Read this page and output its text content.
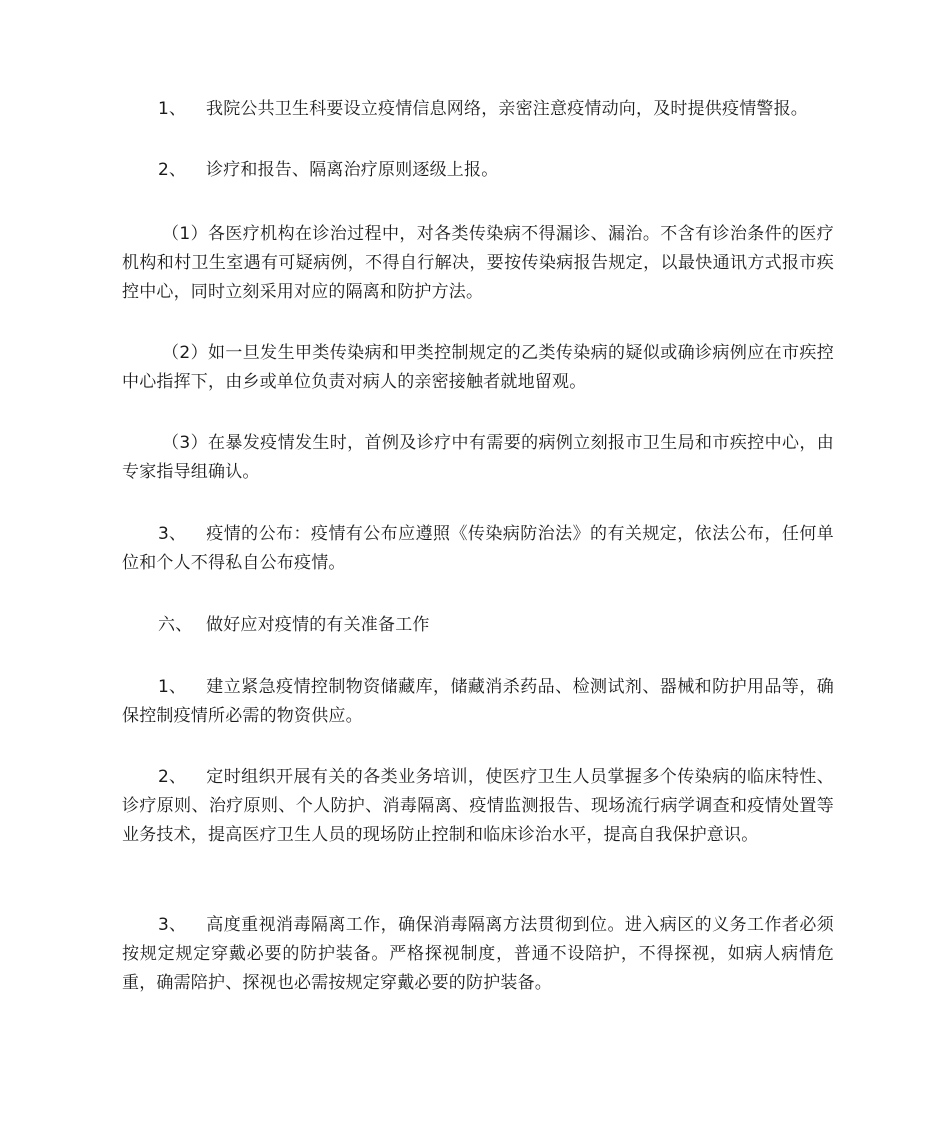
1、 我院公共卫生科要设立疫情信息网络，亲密注意疫情动向，及时提供疫情警报。

2、 诊疗和报告、隔离治疗原则逐级上报。

（1）各医疗机构在诊治过程中，对各类传染病不得漏诊、漏治。不含有诊治条件的医疗机构和村卫生室遇有可疑病例，不得自行解决，要按传染病报告规定，以最快通讯方式报市疾控中心，同时立刻采用对应的隔离和防护方法。

（2）如一旦发生甲类传染病和甲类控制规定的乙类传染病的疑似或确诊病例应在市疾控中心指挥下，由乡或单位负责对病人的亲密接触者就地留观。

（3）在暴发疫情发生时，首例及诊疗中有需要的病例立刻报市卫生局和市疾控中心，由专家指导组确认。

3、 疫情的公布：疫情有公布应遵照《传染病防治法》的有关规定，依法公布，任何单位和个人不得私自公布疫情。

六、 做好应对疫情的有关准备工作

1、 建立紧急疫情控制物资储藏库，储藏消杀药品、检测试剂、器械和防护用品等，确保控制疫情所必需的物资供应。

2、 定时组织开展有关的各类业务培训，使医疗卫生人员掌握多个传染病的临床特性、诊疗原则、治疗原则、个人防护、消毒隔离、疫情监测报告、现场流行病学调查和疫情处置等业务技术，提高医疗卫生人员的现场防止控制和临床诊治水平，提高自我保护意识。

3、 高度重视消毒隔离工作，确保消毒隔离方法贯彻到位。进入病区的义务工作者必须按规定规定穿戴必要的防护装备。严格探视制度，普通不设陪护，不得探视，如病人病情危重，确需陪护、探视也必需按规定穿戴必要的防护装备。
